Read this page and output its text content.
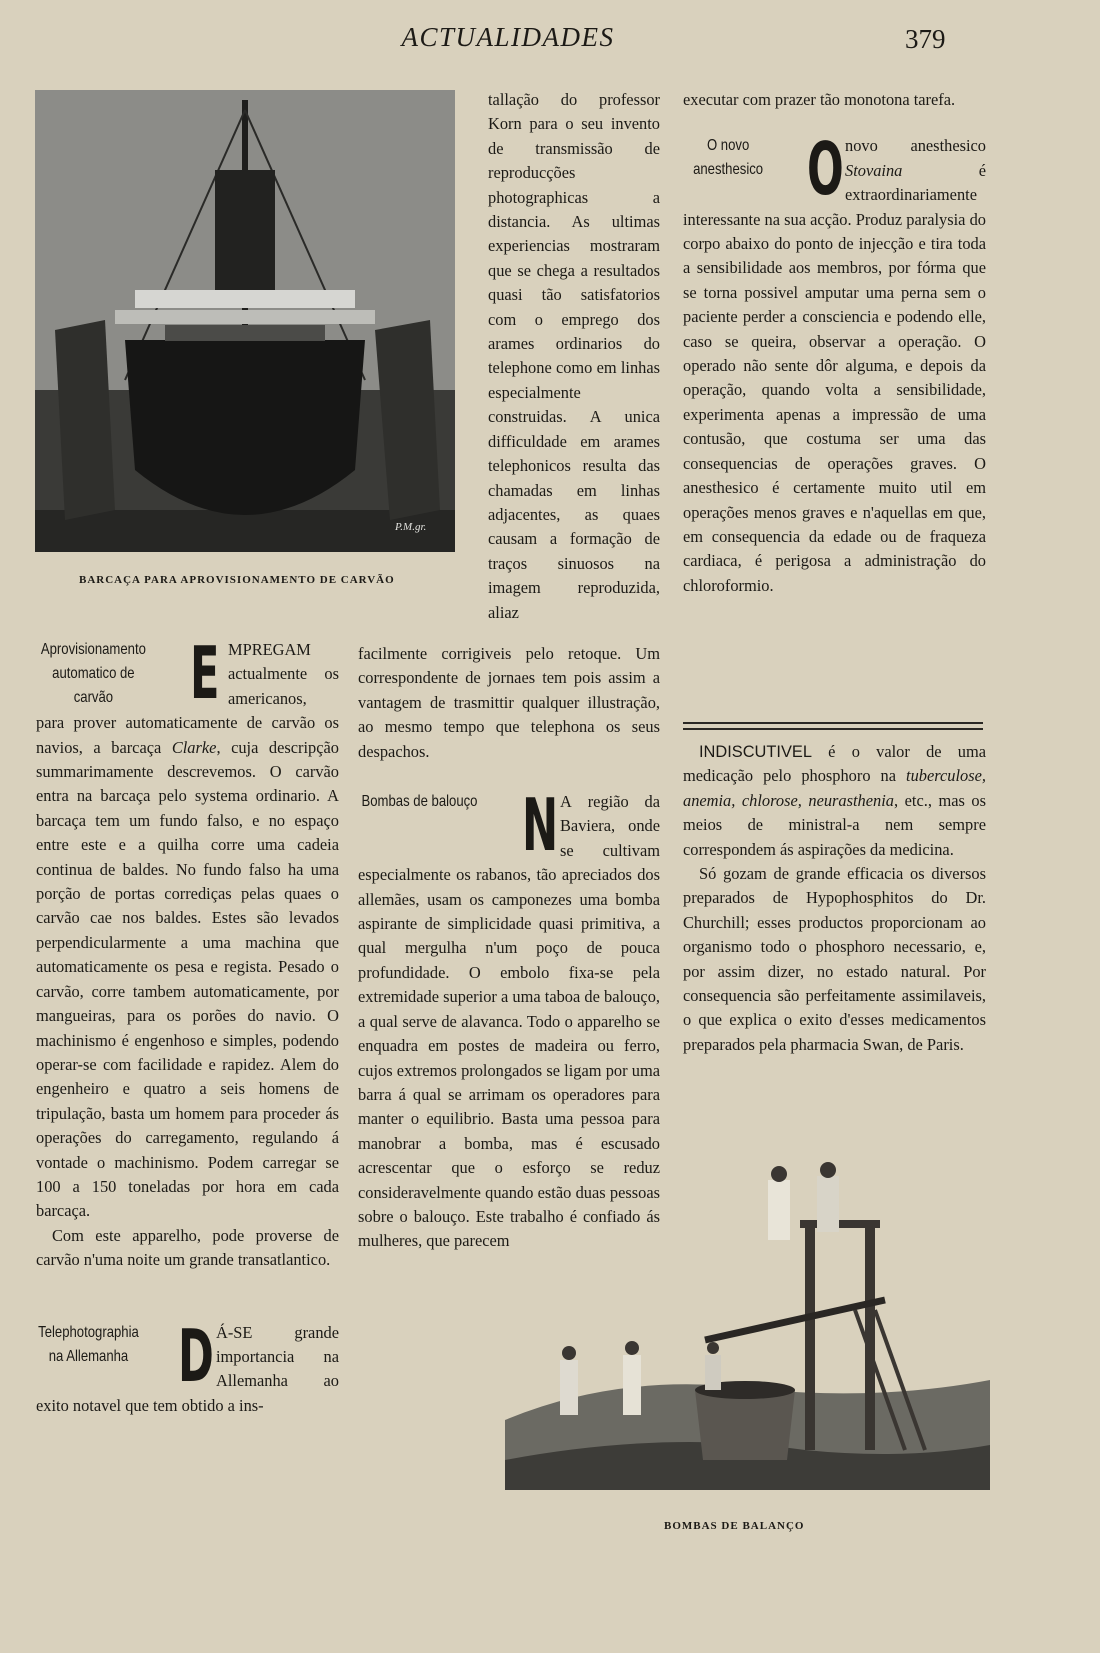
ACTUALIDADES	379
P.M.gr.
BARCAÇA PARA APROVISIONAMENTO DE CARVÃO

Aprovisionamento automatico de carvão	E MPREGAM actualmente os americanos, para prover automaticamente de carvão os navios, a barcaça Clarke, cuja descripção summarimamente descrevemos. O carvão entra na barcaça pelo systema ordinario. A barcaça tem um fundo falso, e no espaço entre este e a quilha corre uma cadeia continua de baldes. No fundo falso ha uma porção de portas corrediças pelas quaes o carvão cae nos baldes. Estes são levados perpendicularmente a uma machina que automaticamente os pesa e regista. Pesado o carvão, corre tambem automaticamente, por mangueiras, para os porões do navio. O machinismo é engenhoso e simples, podendo operar-se com facilidade e rapidez. Alem do engenheiro e quatro a seis homens de tripulação, basta um homem para proceder ás operações do carregamento, regulando á vontade o machinismo. Podem carregar se 100 a 150 toneladas por hora em cada barcaça.

Com este apparelho, pode proverse de carvão n'uma noite um grande transatlantico.

Telephotographia na Allemanha D Á-SE grande importancia na Allemanha ao exito notavel que tem obtido a ins-

tallação do professor Korn para o seu invento de transmissão de reproducções photographicas a distancia. As ultimas experiencias mostraram que se chega a resultados quasi tão satisfatorios com o emprego dos arames ordinarios do telephone como em linhas especialmente construidas. A unica difficuldade em arames telephonicos resulta das chamadas em linhas adjacentes, as quaes causam a formação de traços sinuosos na imagem reproduzida, aliaz

facilmente corrigiveis pelo retoque. Um correspondente de jornaes tem pois assim a vantagem de trasmittir qualquer illustração, ao mesmo tempo que telephona os seus despachos.

Bombas de balouço N A região da Baviera, onde se cultivam especialmente os rabanos, tão apreciados dos allemães, usam os camponezes uma bomba aspirante de simplicidade quasi primitiva, a qual mergulha n'um poço de pouca profundidade. O embolo fixa-se pela extremidade superior a uma taboa de balouço, a qual serve de alavanca. Todo o apparelho se enquadra em postes de madeira ou ferro, cujos extremos prolongados se ligam por uma barra á qual se arrimam os operadores para manter o equilibrio. Basta uma pessoa para manobrar a bomba, mas é escusado acrescentar que o esforço se reduz consideravelmente quando estão duas pessoas sobre o balouço. Este trabalho é confiado ás mulheres, que parecem

executar com prazer tão monotona tarefa.

O novo anesthesico O novo anesthesico Stovaina é extraordinariamente interessante na sua acção. Produz paralysia do corpo abaixo do ponto de injecção e tira toda a sensibilidade aos membros, por fórma que se torna possivel amputar uma perna sem o paciente perder a consciencia e podendo elle, caso se queira, observar a operação. O operado não sente dôr alguma, e depois da operação, quando volta a sensibilidade, experimenta apenas a impressão de uma contusão, que costuma ser uma das consequencias de operações graves. O anesthesico é certamente muito util em operações menos graves e n'aquellas em que, em consequencia da edade ou de fraqueza cardiaca, é perigosa a administração do chloroformio.

INDISCUTIVEL é o valor de uma medicação pelo phosphoro na tuberculose, anemia, chlorose, neurasthenia, etc., mas os meios de ministral-a nem sempre correspondem ás aspirações da medicina.

Só gozam de grande efficacia os diversos preparados de Hypophosphitos do Dr. Churchill; esses productos proporcionam ao organismo todo o phosphoro necessario, e, por assim dizer, no estado natural. Por consequencia são perfeitamente assimilaveis, o que explica o exito d'esses medicamentos preparados pela pharmacia Swan, de Paris.

BOMBAS DE BALANÇO
